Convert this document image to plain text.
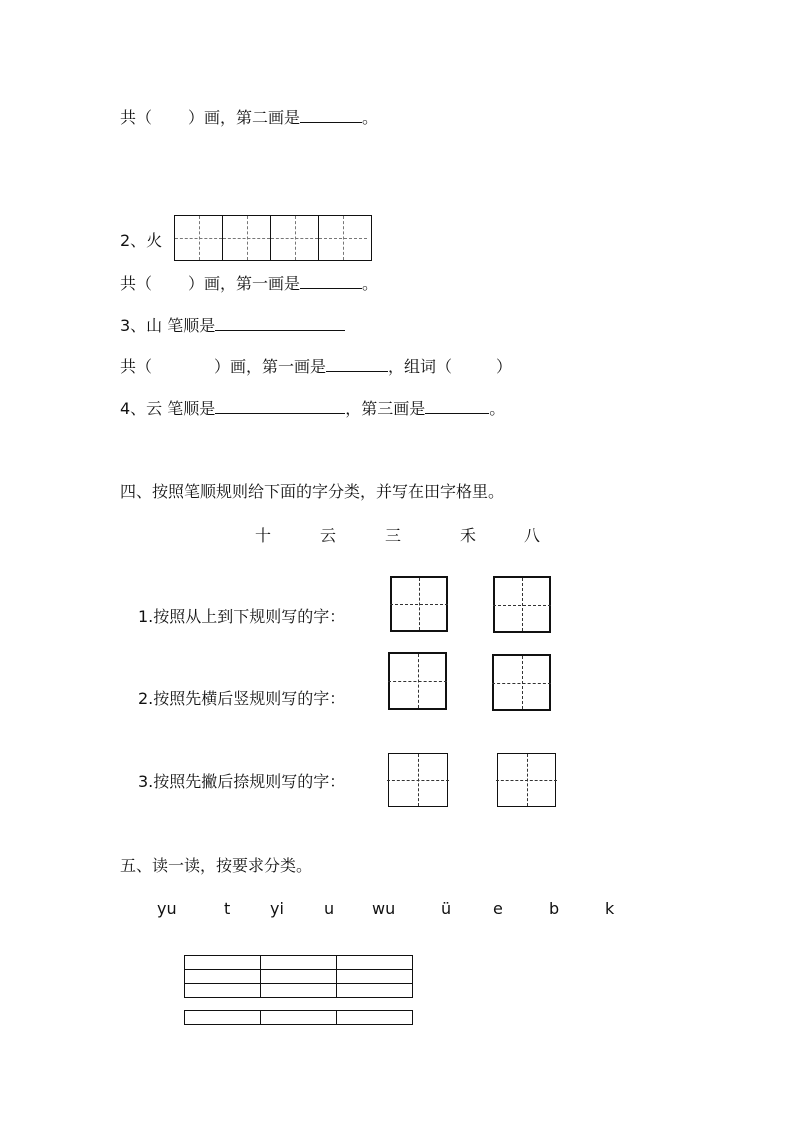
共（ ）画，第二画是	。
2、火
共（ ）画，第一画是	。
3、山 笔顺是
共（	）画，第一画是	，组词（	）
4、云 笔顺是	，第三画是	。
四、按照笔顺规则给下面的字分类，并写在田字格里。
十	云	三	禾	八
1.按照从上到下规则写的字：
2.按照先横后竖规则写的字：
3.按照先撇后捺规则写的字：
五、读一读，按要求分类。
yu	t yi	u wu	ü	e	b	k
